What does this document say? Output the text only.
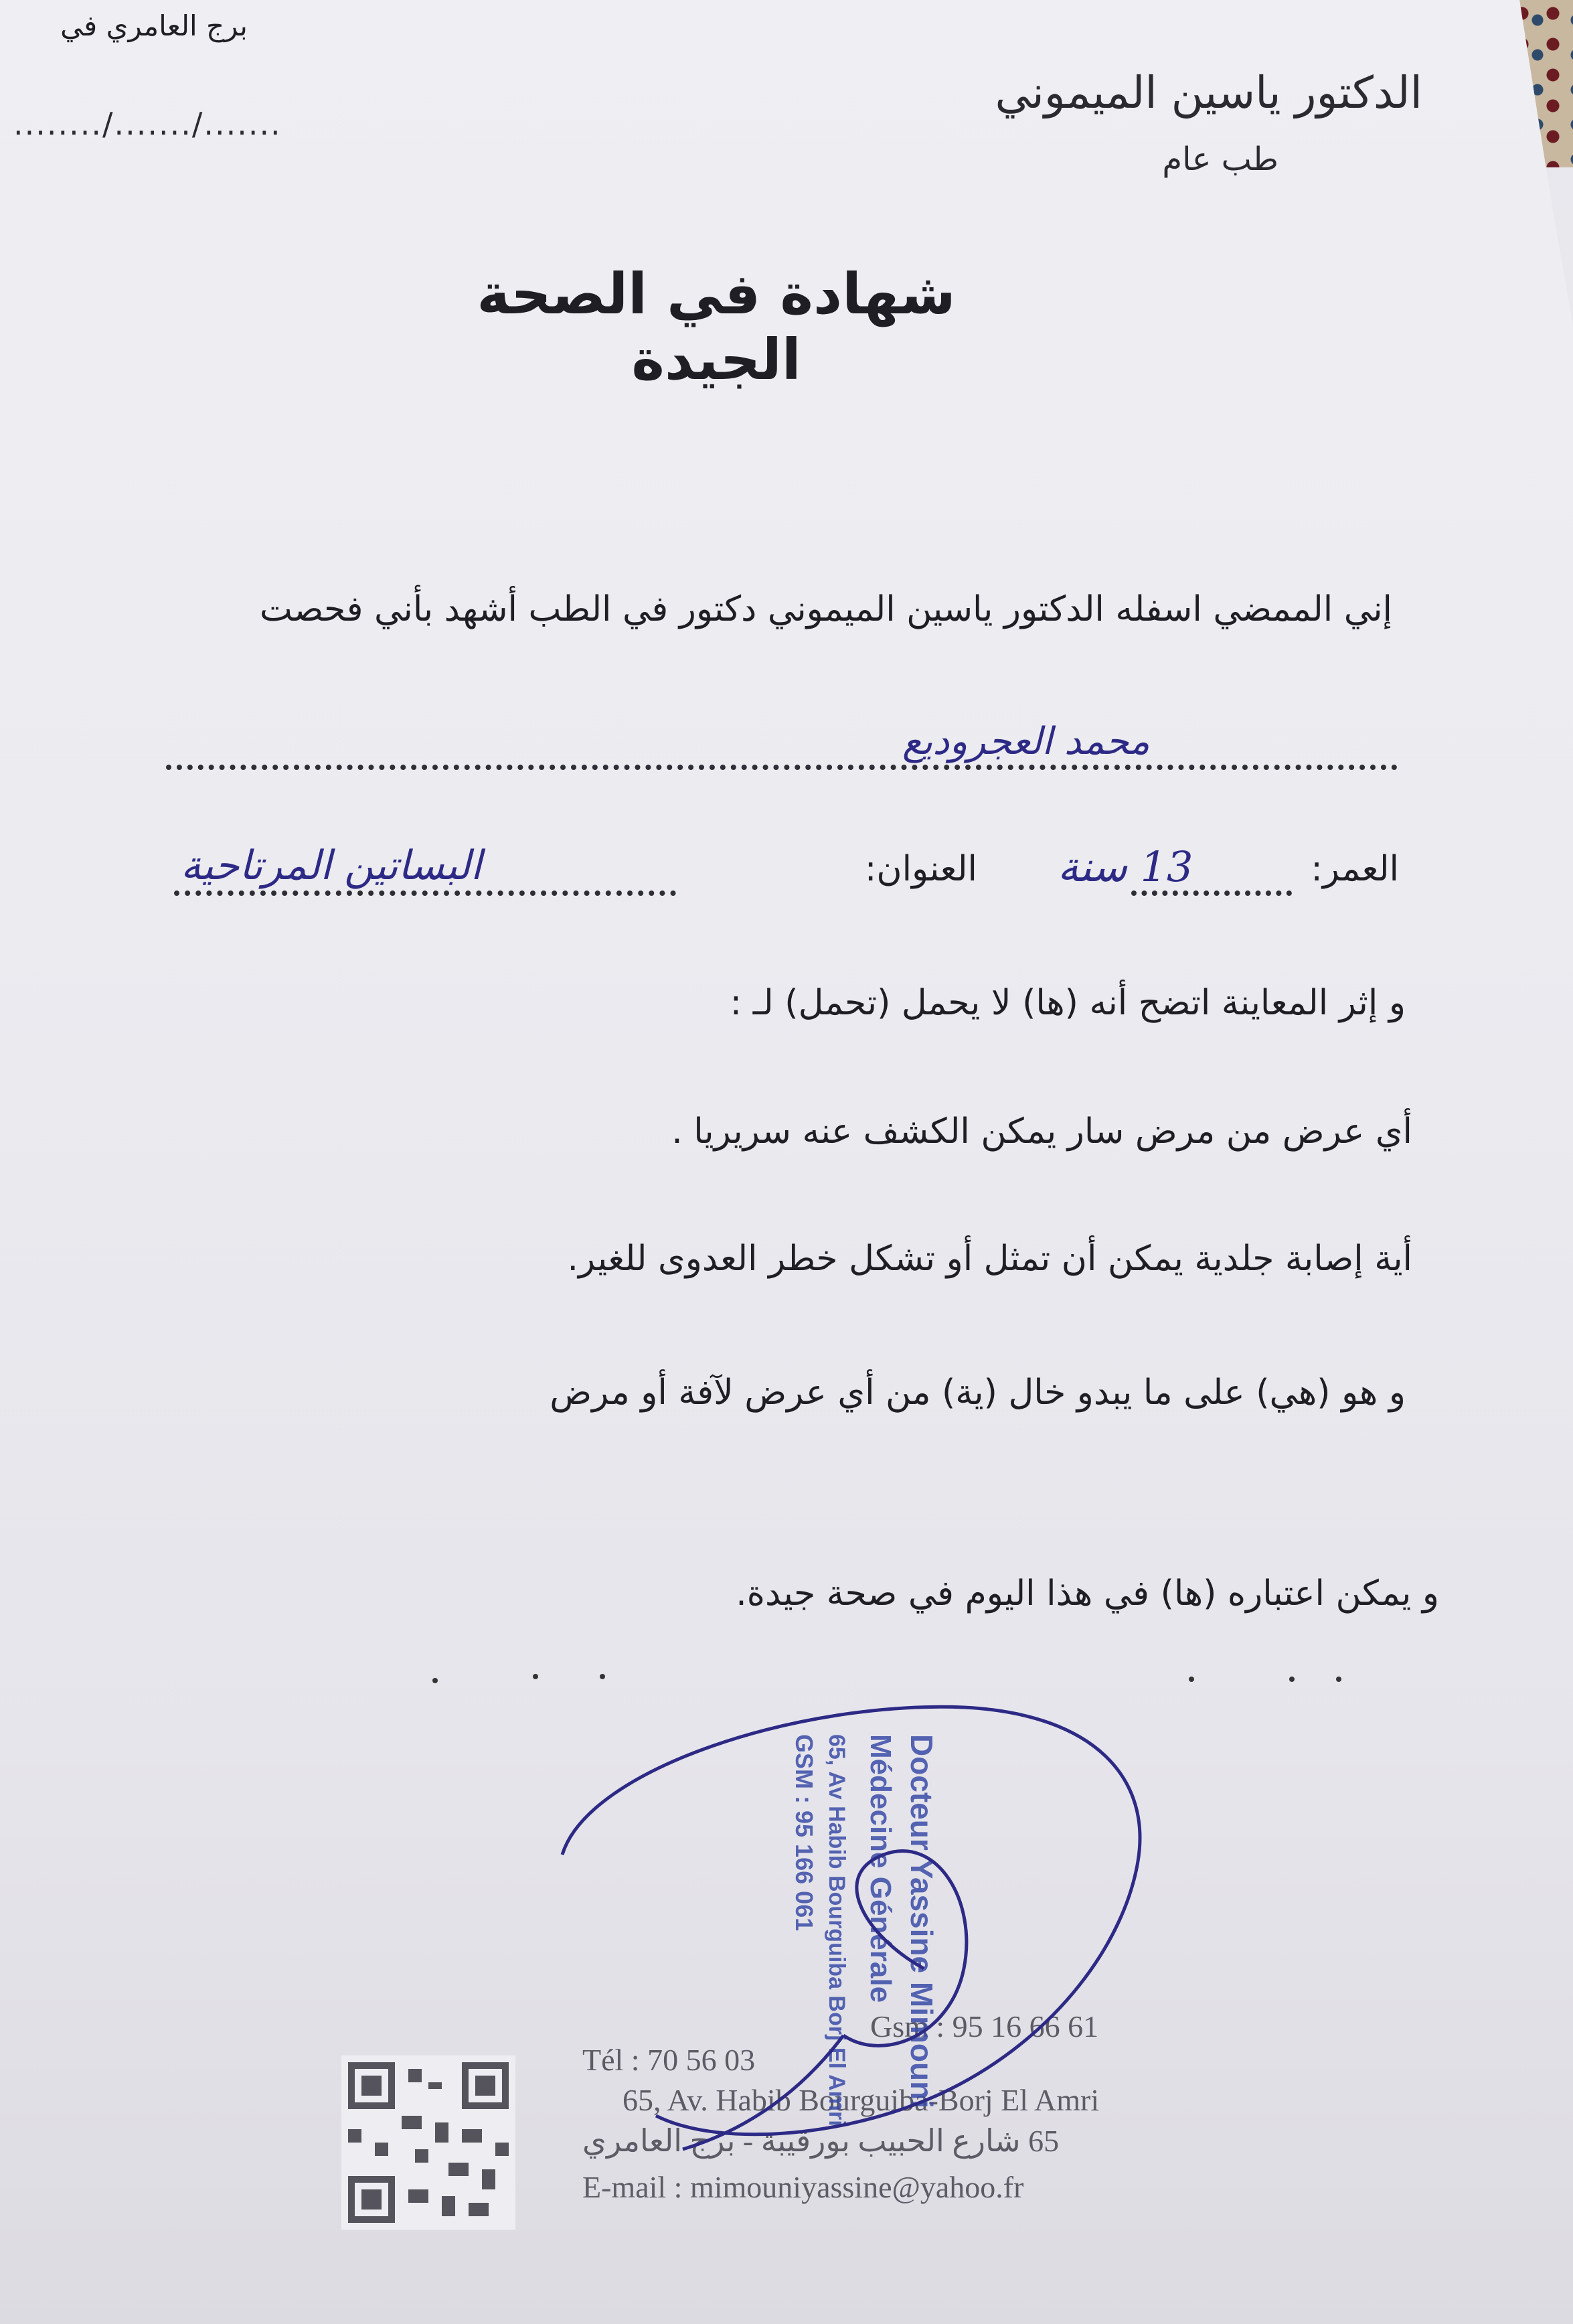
برج العامري في
......../......./.......
الدكتور ياسين الميموني
طب عام
شهادة في الصحة الجيدة
إني الممضي اسفله الدكتور ياسين الميموني دكتور في الطب أشهد بأني فحصت
محمد العجروديع
العمر:
13 سنة
العنوان:
البساتين المرتاحية
و إثر المعاينة اتضح أنه (ها) لا يحمل (تحمل) لـ :
أي عرض من مرض سار يمكن الكشف عنه سريريا .
أية إصابة جلدية يمكن أن تمثل أو تشكل خطر العدوى للغير.
و هو (هي) على ما يبدو خال (ية) من أي عرض لآفة أو مرض
و يمكن اعتباره (ها) في هذا اليوم في صحة جيدة.
Gsm : 95 16 66 61
Tél : 70 56 03
65, Av. Habib Bourguiba-Borj El Amri
65 شارع الحبيب بورقيبة - برج العامري
E-mail : mimouniyassine@yahoo.fr
Docteur Yassine Mimouni
Médecine Générale
65, Av Habib Bourguiba Borj El Amri
GSM : 95 166 061
